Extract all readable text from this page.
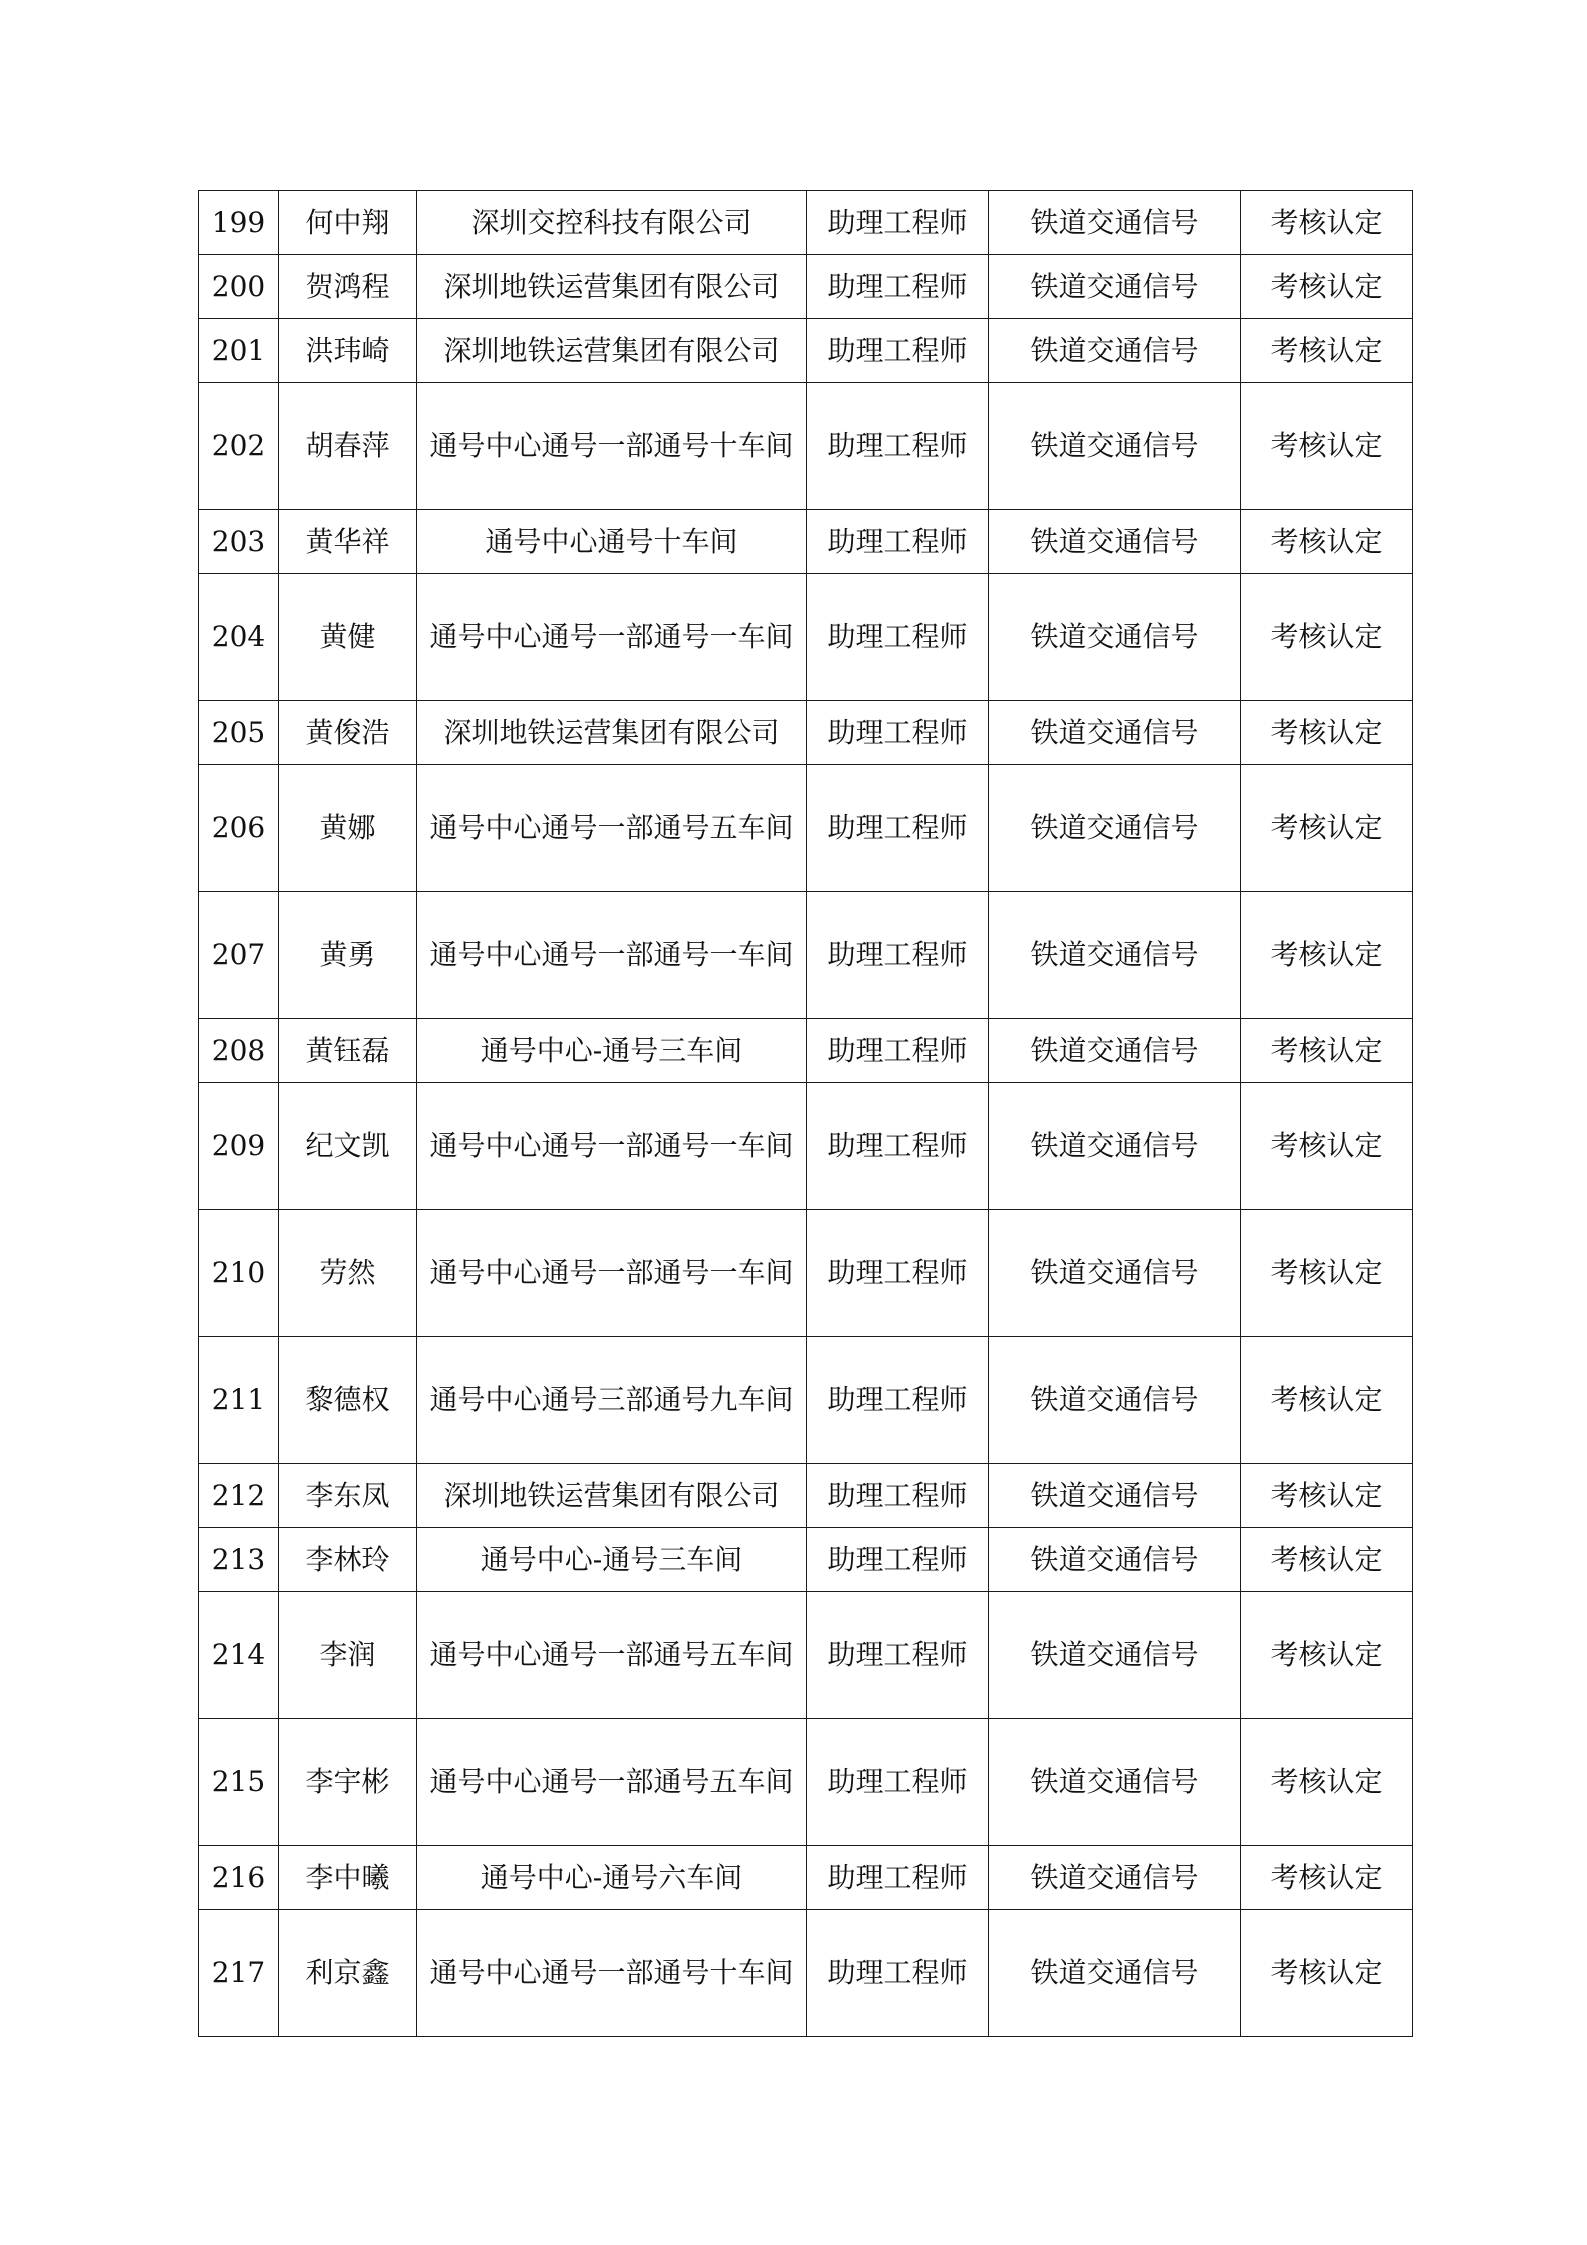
199	何中翔	深圳交控科技有限公司	助理工程师	铁道交通信号	考核认定
200	贺鸿程	深圳地铁运营集团有限公司	助理工程师	铁道交通信号	考核认定
201	洪玮崎	深圳地铁运营集团有限公司	助理工程师	铁道交通信号	考核认定
202	胡春萍	通号中心通号一部通号十车间	助理工程师	铁道交通信号	考核认定
203	黄华祥	通号中心通号十车间	助理工程师	铁道交通信号	考核认定
204	黄健	通号中心通号一部通号一车间	助理工程师	铁道交通信号	考核认定
205	黄俊浩	深圳地铁运营集团有限公司	助理工程师	铁道交通信号	考核认定
206	黄娜	通号中心通号一部通号五车间	助理工程师	铁道交通信号	考核认定
207	黄勇	通号中心通号一部通号一车间	助理工程师	铁道交通信号	考核认定
208	黄钰磊	通号中心-通号三车间	助理工程师	铁道交通信号	考核认定
209	纪文凯	通号中心通号一部通号一车间	助理工程师	铁道交通信号	考核认定
210	劳然	通号中心通号一部通号一车间	助理工程师	铁道交通信号	考核认定
211	黎德权	通号中心通号三部通号九车间	助理工程师	铁道交通信号	考核认定
212	李东凤	深圳地铁运营集团有限公司	助理工程师	铁道交通信号	考核认定
213	李林玲	通号中心-通号三车间	助理工程师	铁道交通信号	考核认定
214	李润	通号中心通号一部通号五车间	助理工程师	铁道交通信号	考核认定
215	李宇彬	通号中心通号一部通号五车间	助理工程师	铁道交通信号	考核认定
216	李中曦	通号中心-通号六车间	助理工程师	铁道交通信号	考核认定
217	利京鑫	通号中心通号一部通号十车间	助理工程师	铁道交通信号	考核认定
